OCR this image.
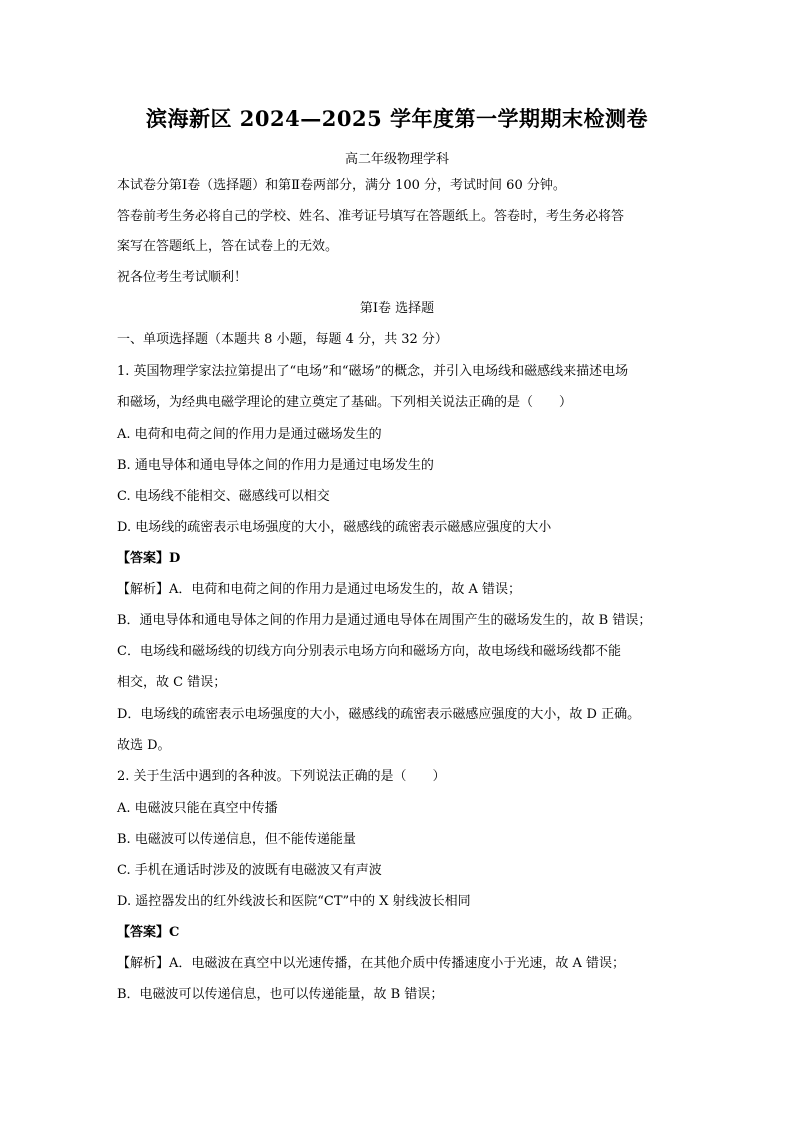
滨海新区 2024—2025 学年度第一学期期末检测卷
高二年级物理学科
本试卷分第Ⅰ卷（选择题）和第Ⅱ卷两部分，满分 100 分，考试时间 60 分钟。
答卷前考生务必将自己的学校、姓名、准考证号填写在答题纸上。答卷时，考生务必将答
案写在答题纸上，答在试卷上的无效。
祝各位考生考试顺利！
第Ⅰ卷 选择题
一、单项选择题（本题共 8 小题，每题 4 分，共 32 分）
1. 英国物理学家法拉第提出了“电场”和“磁场”的概念，并引入电场线和磁感线来描述电场
和磁场，为经典电磁学理论的建立奠定了基础。下列相关说法正确的是（　　）
A. 电荷和电荷之间的作用力是通过磁场发生的
B. 通电导体和通电导体之间的作用力是通过电场发生的
C. 电场线不能相交、磁感线可以相交
D. 电场线的疏密表示电场强度的大小，磁感线的疏密表示磁感应强度的大小
【答案】D
【解析】A．电荷和电荷之间的作用力是通过电场发生的，故 A 错误；
B．通电导体和通电导体之间的作用力是通过通电导体在周围产生的磁场发生的，故 B 错误；
C．电场线和磁场线的切线方向分别表示电场方向和磁场方向，故电场线和磁场线都不能
相交，故 C 错误；
D．电场线的疏密表示电场强度的大小，磁感线的疏密表示磁感应强度的大小，故 D 正确。
故选 D。
2. 关于生活中遇到的各种波。下列说法正确的是（　　）
A. 电磁波只能在真空中传播
B. 电磁波可以传递信息，但不能传递能量
C. 手机在通话时涉及的波既有电磁波又有声波
D. 遥控器发出的红外线波长和医院“CT”中的 X 射线波长相同
【答案】C
【解析】A．电磁波在真空中以光速传播，在其他介质中传播速度小于光速，故 A 错误；
B．电磁波可以传递信息，也可以传递能量，故 B 错误；
